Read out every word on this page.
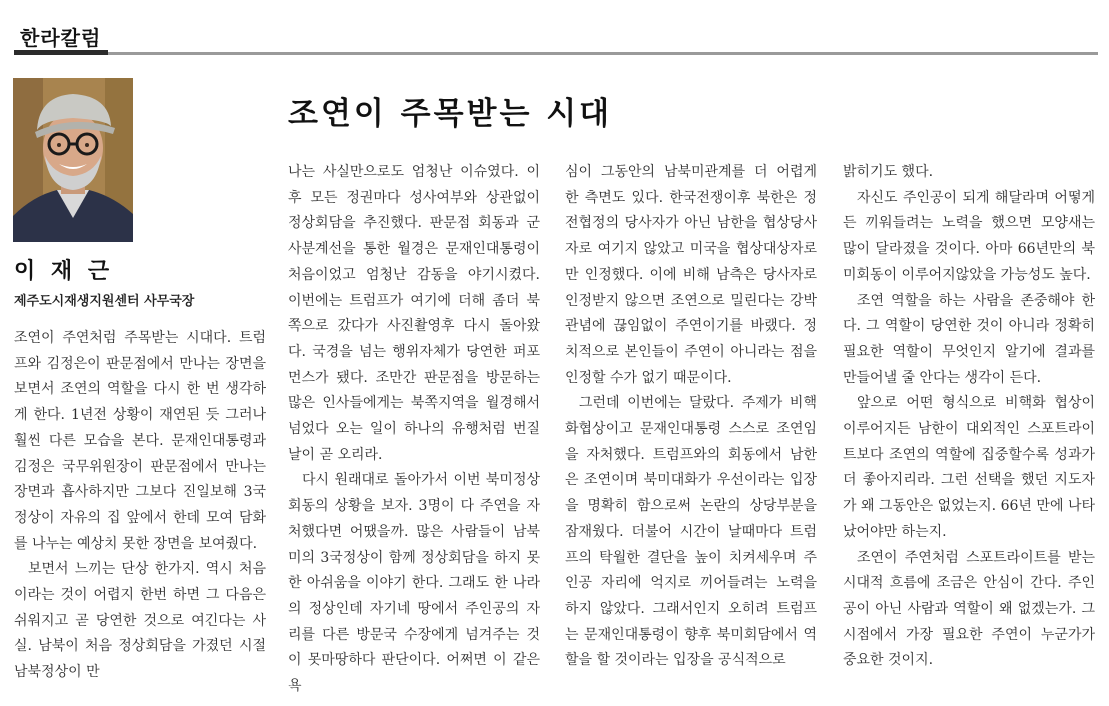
한라칼럼
이 재 근
제주도시재생지원센터 사무국장
조연이 주목받는 시대

조연이 주연처럼 주목받는 시대다. 트럼프와 김정은이 판문점에서 만나는 장면을 보면서 조연의 역할을 다시 한 번 생각하게 한다. 1년전 상황이 재연된 듯 그러나 훨씬 다른 모습을 본다. 문재인대통령과 김정은 국무위원장이 판문점에서 만나는 장면과 흡사하지만 그보다 진일보해 3국 정상이 자유의 집 앞에서 한데 모여 담화를 나누는 예상치 못한 장면을 보여줬다.

보면서 느끼는 단상 한가지. 역시 처음이라는 것이 어렵지 한번 하면 그 다음은 쉬워지고 곧 당연한 것으로 여긴다는 사실. 남북이 처음 정상회담을 가졌던 시절 남북정상이 만

나는 사실만으로도 엄청난 이슈였다. 이후 모든 정권마다 성사여부와 상관없이 정상회담을 추진했다. 판문점 회동과 군사분계선을 통한 월경은 문재인대통령이 처음이었고 엄청난 감동을 야기시켰다. 이번에는 트럼프가 여기에 더해 좀더 북쪽으로 갔다가 사진촬영후 다시 돌아왔다. 국경을 넘는 행위자체가 당연한 퍼포먼스가 됐다. 조만간 판문점을 방문하는 많은 인사들에게는 북쪽지역을 월경해서 넘었다 오는 일이 하나의 유행처럼 번질 날이 곧 오리라.

다시 원래대로 돌아가서 이번 북미정상회동의 상황을 보자. 3명이 다 주연을 자처했다면 어땠을까. 많은 사람들이 남북미의 3국정상이 함께 정상회담을 하지 못한 아쉬움을 이야기 한다. 그래도 한 나라의 정상인데 자기네 땅에서 주인공의 자리를 다른 방문국 수장에게 넘겨주는 것이 못마땅하다 판단이다. 어쩌면 이 같은 욕

심이 그동안의 남북미관계를 더 어렵게 한 측면도 있다. 한국전쟁이후 북한은 정전협정의 당사자가 아닌 남한을 협상당사자로 여기지 않았고 미국을 협상대상자로만 인정했다. 이에 비해 남측은 당사자로 인정받지 않으면 조연으로 밀린다는 강박관념에 끊임없이 주연이기를 바랬다. 정치적으로 본인들이 주연이 아니라는 점을 인정할 수가 없기 때문이다.

그런데 이번에는 달랐다. 주제가 비핵화협상이고 문재인대통령 스스로 조연임을 자처했다. 트럼프와의 회동에서 남한은 조연이며 북미대화가 우선이라는 입장을 명확히 함으로써 논란의 상당부분을 잠재웠다. 더불어 시간이 날때마다 트럼프의 탁월한 결단을 높이 치켜세우며 주인공 자리에 억지로 끼어들려는 노력을 하지 않았다. 그래서인지 오히려 트럼프는 문재인대통령이 향후 북미회담에서 역할을 할 것이라는 입장을 공식적으로

밝히기도 했다.

자신도 주인공이 되게 해달라며 어떻게든 끼워들려는 노력을 했으면 모양새는 많이 달라졌을 것이다. 아마 66년만의 북미회동이 이루어지않았을 가능성도 높다.

조연 역할을 하는 사람을 존중해야 한다. 그 역할이 당연한 것이 아니라 정확히 필요한 역할이 무엇인지 알기에 결과를 만들어낼 줄 안다는 생각이 든다.

앞으로 어떤 형식으로 비핵화 협상이 이루어지든 남한이 대외적인 스포트라이트보다 조연의 역할에 집중할수록 성과가 더 좋아지리라. 그런 선택을 했던 지도자가 왜 그동안은 없었는지. 66년 만에 나타났어야만 하는지.

조연이 주연처럼 스포트라이트를 받는 시대적 흐름에 조금은 안심이 간다. 주인공이 아닌 사람과 역할이 왜 없겠는가. 그 시점에서 가장 필요한 주연이 누군가가 중요한 것이지.
